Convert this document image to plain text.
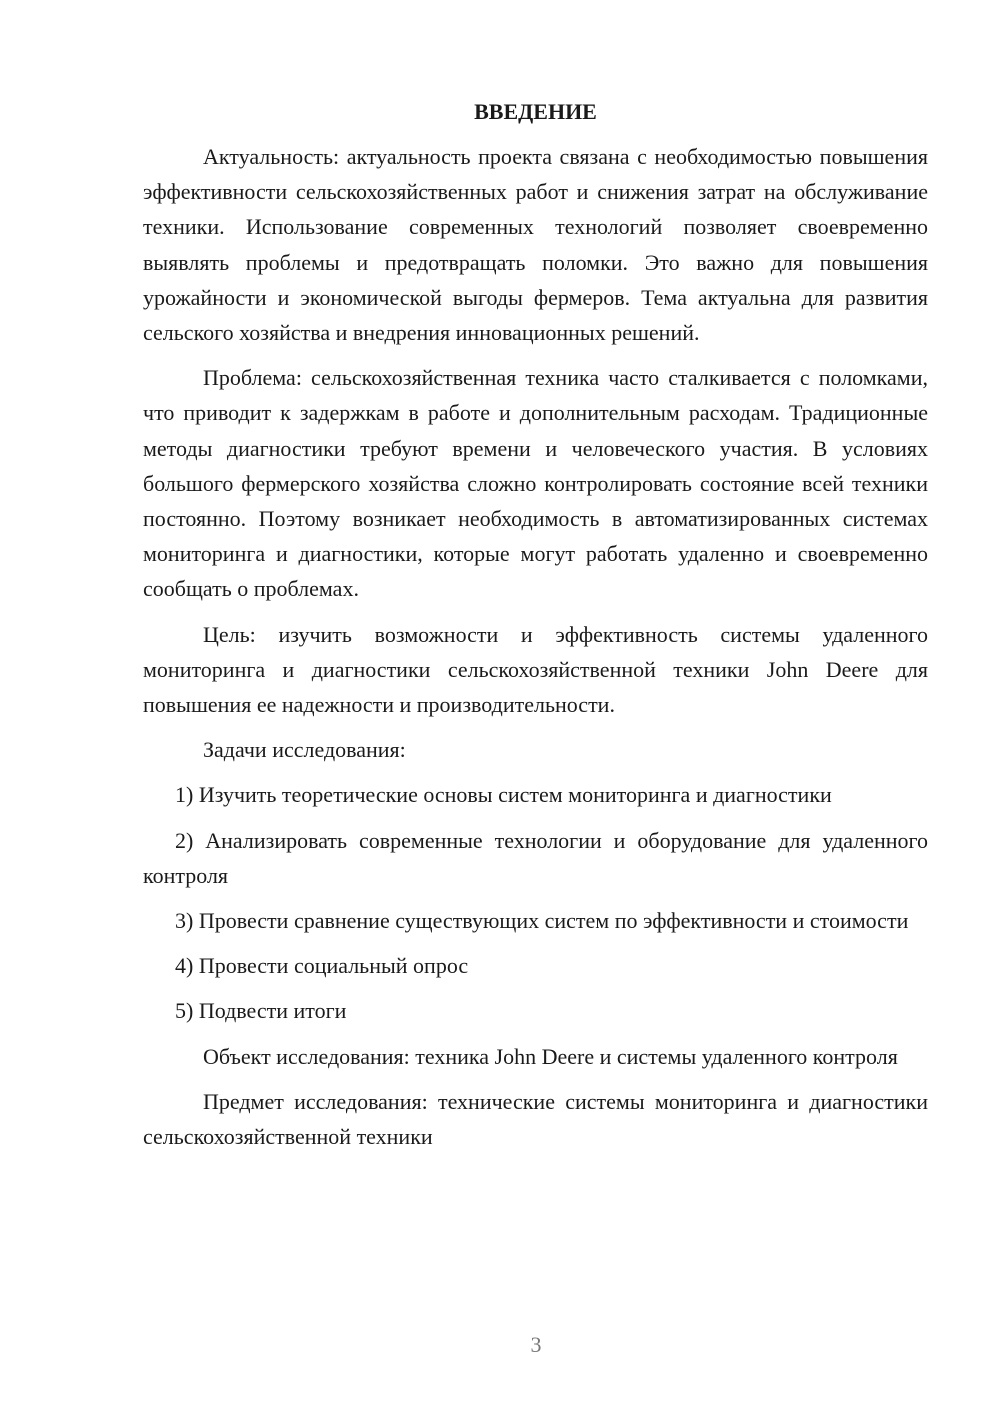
ВВЕДЕНИЕ

Актуальность: актуальность проекта связана с необходимостью повышения эффективности сельскохозяйственных работ и снижения затрат на обслуживание техники. Использование современных технологий позволяет своевременно выявлять проблемы и предотвращать поломки. Это важно для повышения урожайности и экономической выгоды фермеров. Тема актуальна для развития сельского хозяйства и внедрения инновационных решений.

Проблема: сельскохозяйственная техника часто сталкивается с поломками, что приводит к задержкам в работе и дополнительным расходам. Традиционные методы диагностики требуют времени и человеческого участия. В условиях большого фермерского хозяйства сложно контролировать состояние всей техники постоянно. Поэтому возникает необходимость в автоматизированных системах мониторинга и диагностики, которые могут работать удаленно и своевременно сообщать о проблемах.

Цель: изучить возможности и эффективность системы удаленного мониторинга и диагностики сельскохозяйственной техники John Deere для повышения ее надежности и производительности.

Задачи исследования:

1) Изучить теоретические основы систем мониторинга и диагностики

2) Анализировать современные технологии и оборудование для удаленного контроля

3) Провести сравнение существующих систем по эффективности и стоимости

4) Провести социальный опрос

5) Подвести итоги

Объект исследования: техника John Deere и системы удаленного контроля

Предмет исследования: технические системы мониторинга и диагностики сельскохозяйственной техники

3
